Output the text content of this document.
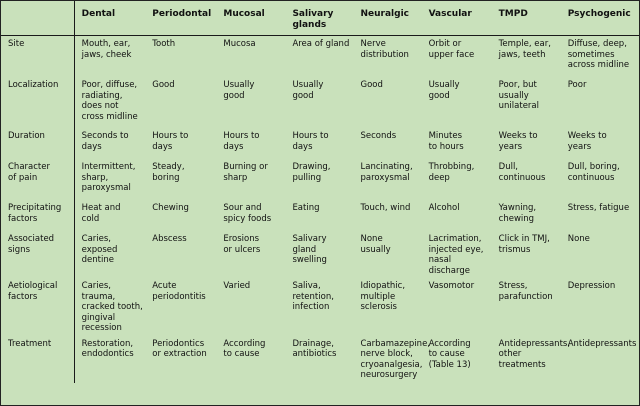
	Dental	Periodontal	Mucosal	Salivary
glands	Neuralgic	Vascular	TMPD	Psychogenic
Site	Mouth, ear,
jaws, cheek	Tooth	Mucosa	Area of gland	Nerve
distribution	Orbit or
upper face	Temple, ear,
jaws, teeth	Diffuse, deep,
sometimes
across midline
Localization	Poor, diffuse,
radiating,
does not
cross midline	Good	Usually
good	Usually
good	Good	Usually
good	Poor, but
usually
unilateral	Poor
Duration	Seconds to
days	Hours to
days	Hours to
days	Hours to
days	Seconds	Minutes
to hours	Weeks to
years	Weeks to
years
Character
of pain	Intermittent,
sharp,
paroxysmal	Steady, boring	Burning or
sharp	Drawing,
pulling	Lancinating,
paroxysmal	Throbbing,
deep	Dull,
continuous	Dull, boring,
continuous
Precipitating
factors	Heat and
cold	Chewing	Sour and
spicy foods	Eating	Touch, wind	Alcohol	Yawning,
chewing	Stress, fatigue
Associated
signs	Caries, exposed
dentine	Abscess	Erosions
or ulcers	Salivary gland
swelling	None
usually	Lacrimation,
injected eye,
nasal discharge	Click in TMJ,
trismus	None
Aetiological
factors	Caries, trauma,
cracked tooth,
gingival
recession	Acute
periodontitis	Varied	Saliva,
retention,
infection	Idiopathic,
multiple
sclerosis	Vasomotor	Stress,
parafunction	Depression
Treatment	Restoration,
endodontics	Periodontics
or extraction	According
to cause	Drainage,
antibiotics	Carbamazepine,
nerve block,
cryoanalgesia,
neurosurgery	According
to cause
(Table 13)	Antidepressants,
other
treatments	Antidepressants
